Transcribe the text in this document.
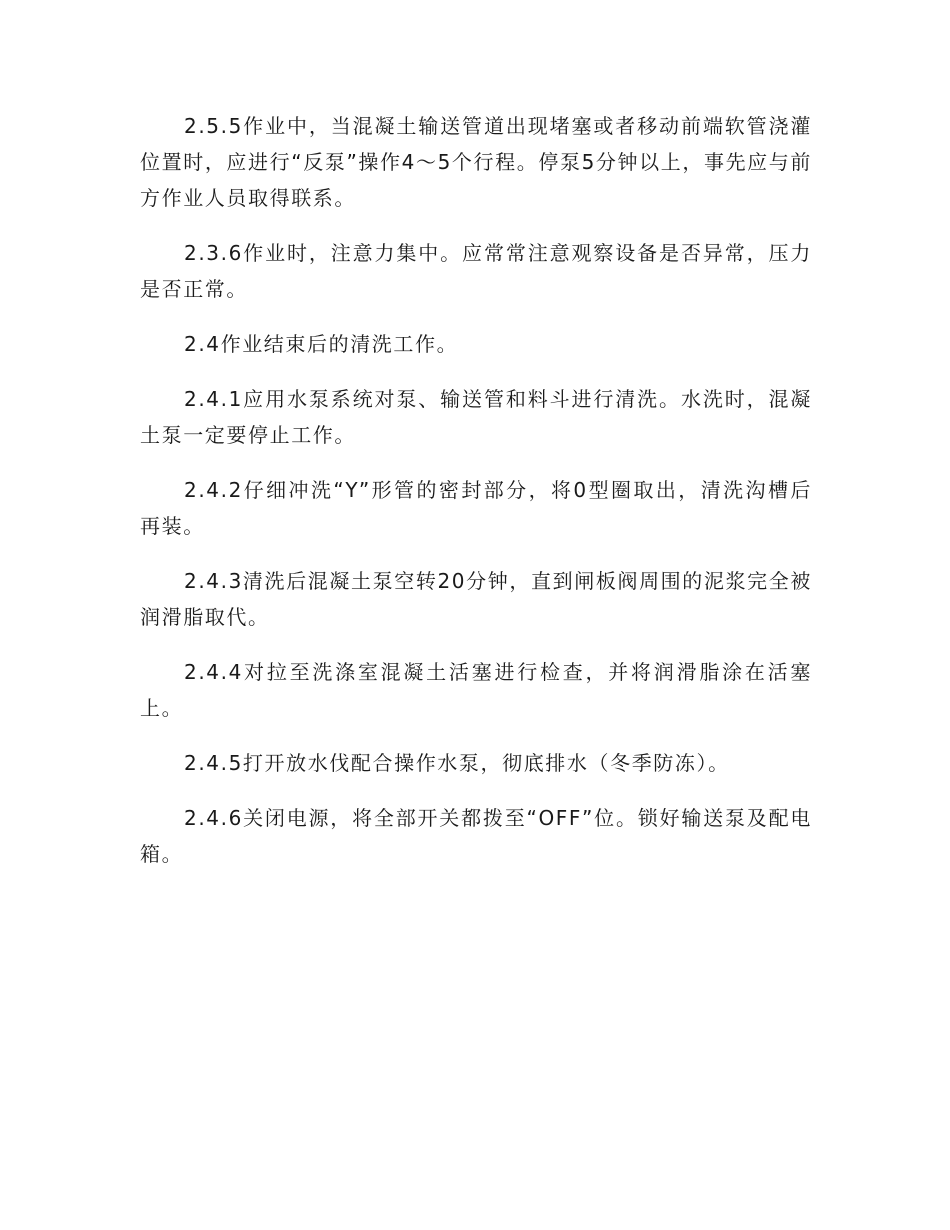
2.5.5作业中，当混凝土输送管道出现堵塞或者移动前端软管浇灌位置时，应进行“反泵”操作4～5个行程。停泵5分钟以上，事先应与前方作业人员取得联系。

2.3.6作业时，注意力集中。应常常注意观察设备是否异常，压力是否正常。

2.4作业结束后的清洗工作。

2.4.1应用水泵系统对泵、输送管和料斗进行清洗。水洗时，混凝土泵一定要停止工作。

2.4.2仔细冲洗“Y”形管的密封部分，将0型圈取出，清洗沟槽后再装。

2.4.3清洗后混凝土泵空转20分钟，直到闸板阀周围的泥浆完全被润滑脂取代。

2.4.4对拉至洗涤室混凝土活塞进行检查，并将润滑脂涂在活塞上。

2.4.5打开放水伐配合操作水泵，彻底排水（冬季防冻）。

2.4.6关闭电源，将全部开关都拨至“OFF”位。锁好输送泵及配电箱。
